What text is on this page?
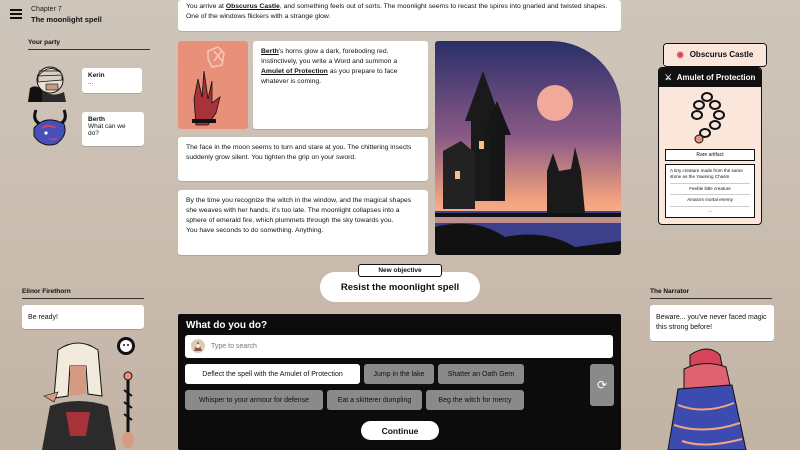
Chapter 7
The moonlight spell
Your party
Kerin
...
Berth
What can we do?
You arrive at Obscurus Castle, and something feels out of sorts. The moonlight seems to recast the spires into gnarled and twisted shapes. One of the windows flickers with a strange glow.
Berth's horns glow a dark, foreboding red. Instinctively, you write a Word and summon a Amulet of Protection as you prepare to face whatever is coming.
The face in the moon seems to turn and stare at you. The chittering insects suddenly grow silent. You tighten the grip on your sword.
By the time you recognize the witch in the window, and the magical shapes she weaves with her hands, it's too late. The moonlight collapses into a sphere of emerald fire, which plummets through the sky towards you.
You have seconds to do something. Anything.
◉ Obscurus Castle
⚔ Amulet of Protection
Rare artifact
A tiny creature made from the same stone as the Yawning Chasm
Feeble little creature
Amara's mortal enemy
...
Resist the moonlight spell
New objective
Elinor Firethorn
Be ready!
The Narrator
Beware... you've never faced magic this strong before!
What do you do?
Type to search
Deflect the spell with the Amulet of Protection	Jump in the lake	Shatter an Oath Gem
Whisper to your armour for defense	Eat a skitterer dumpling	Beg the witch for mercy
⟳
Continue
